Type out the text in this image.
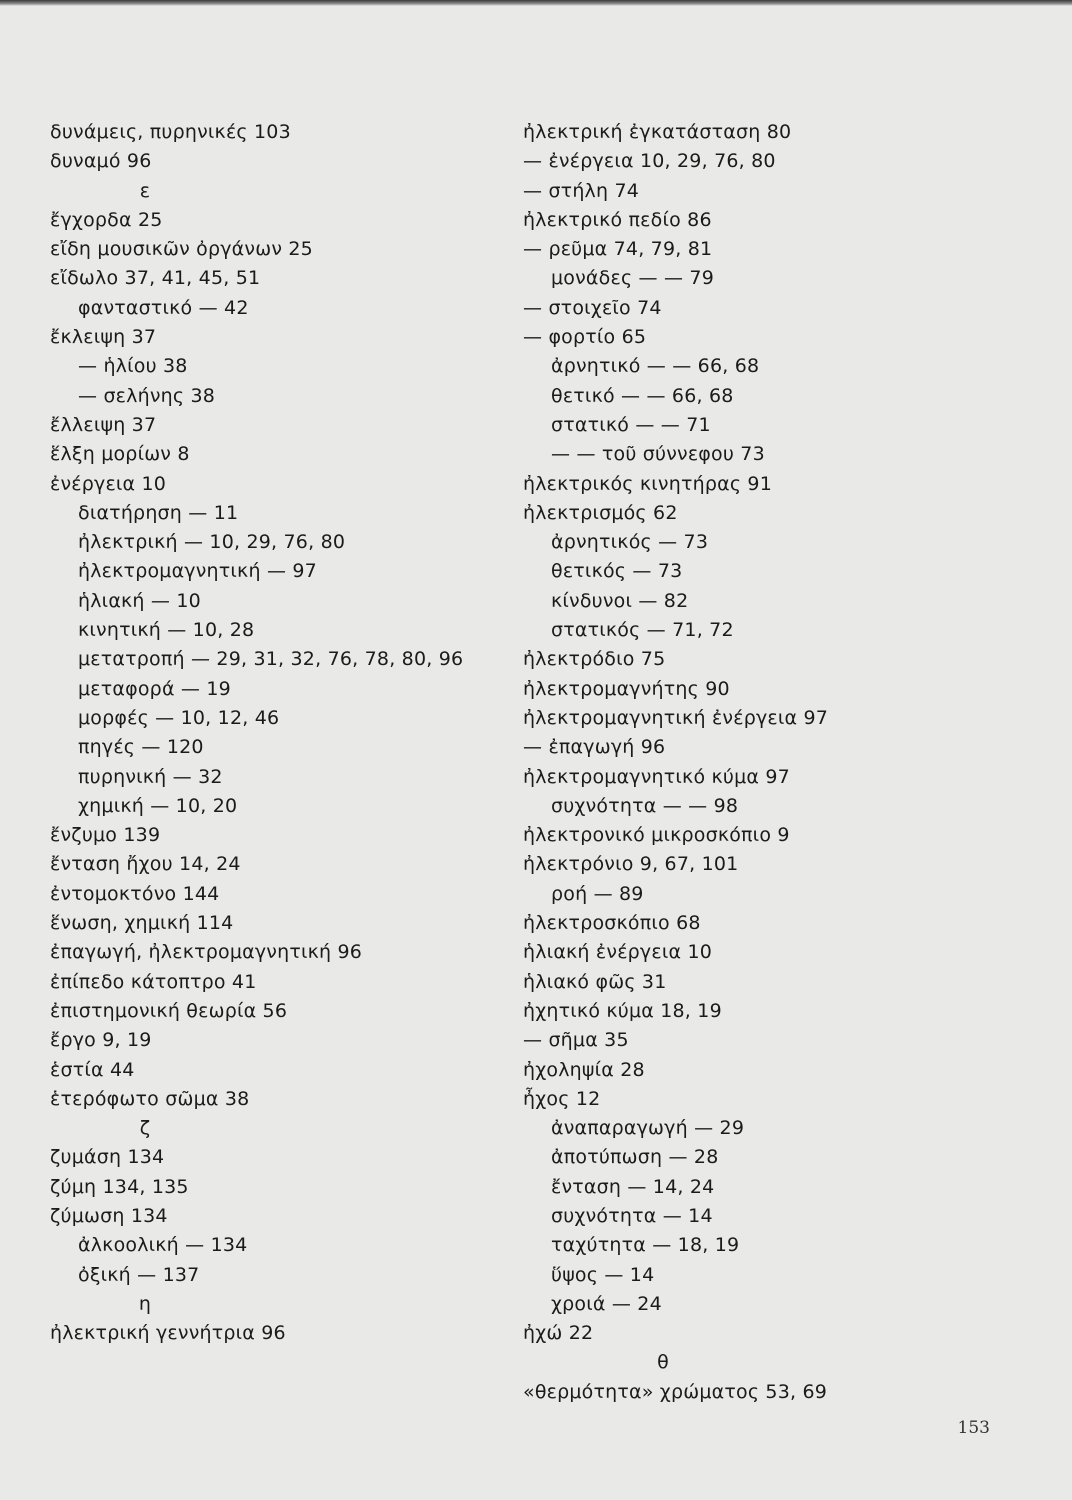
δυνάμεις, πυρηνικές 103
δυναμό 96
ε
ἔγχορδα 25
εἴδη μουσικῶν ὀργάνων 25
εἴδωλο 37, 41, 45, 51
φανταστικό — 42
ἔκλειψη 37
— ἡλίου 38
— σελήνης 38
ἔλλειψη 37
ἕλξη μορίων 8
ἐνέργεια 10
διατήρηση — 11
ἠλεκτρική — 10, 29, 76, 80
ἠλεκτρομαγνητική — 97
ἡλιακή — 10
κινητική — 10, 28
μετατροπή — 29, 31, 32, 76, 78, 80, 96
μεταφορά — 19
μορφές — 10, 12, 46
πηγές — 120
πυρηνική — 32
χημική — 10, 20
ἔνζυμο 139
ἔνταση ἤχου 14, 24
ἐντομοκτόνο 144
ἕνωση, χημική 114
ἐπαγωγή, ἠλεκτρομαγνητική 96
ἐπίπεδο κάτοπτρο 41
ἐπιστημονική θεωρία 56
ἔργο 9, 19
ἑστία 44
ἑτερόφωτο σῶμα 38
ζ
ζυμάση 134
ζύμη 134, 135
ζύμωση 134
ἀλκοολική — 134
ὀξική — 137
η
ἠλεκτρική γεννήτρια 96
ἠλεκτρική ἐγκατάσταση 80
— ἐνέργεια 10, 29, 76, 80
— στήλη 74
ἠλεκτρικό πεδίο 86
— ρεῦμα 74, 79, 81
μονάδες — — 79
— στοιχεῖο 74
— φορτίο 65
ἀρνητικό — — 66, 68
θετικό — — 66, 68
στατικό — — 71
— — τοῦ σύννεφου 73
ἠλεκτρικός κινητήρας 91
ἠλεκτρισμός 62
ἀρνητικός — 73
θετικός — 73
κίνδυνοι — 82
στατικός — 71, 72
ἠλεκτρόδιο 75
ἠλεκτρομαγνήτης 90
ἠλεκτρομαγνητική ἐνέργεια 97
— ἐπαγωγή 96
ἠλεκτρομαγνητικό κύμα 97
συχνότητα — — 98
ἠλεκτρονικό μικροσκόπιο 9
ἠλεκτρόνιο 9, 67, 101
ροή — 89
ἠλεκτροσκόπιο 68
ἡλιακή ἐνέργεια 10
ἡλιακό φῶς 31
ἠχητικό κύμα 18, 19
— σῆμα 35
ἠχοληψία 28
ἦχος 12
ἀναπαραγωγή — 29
ἀποτύπωση — 28
ἔνταση — 14, 24
συχνότητα — 14
ταχύτητα — 18, 19
ὕψος — 14
χροιά — 24
ἠχώ 22
θ
«θερμότητα» χρώματος 53, 69
153
